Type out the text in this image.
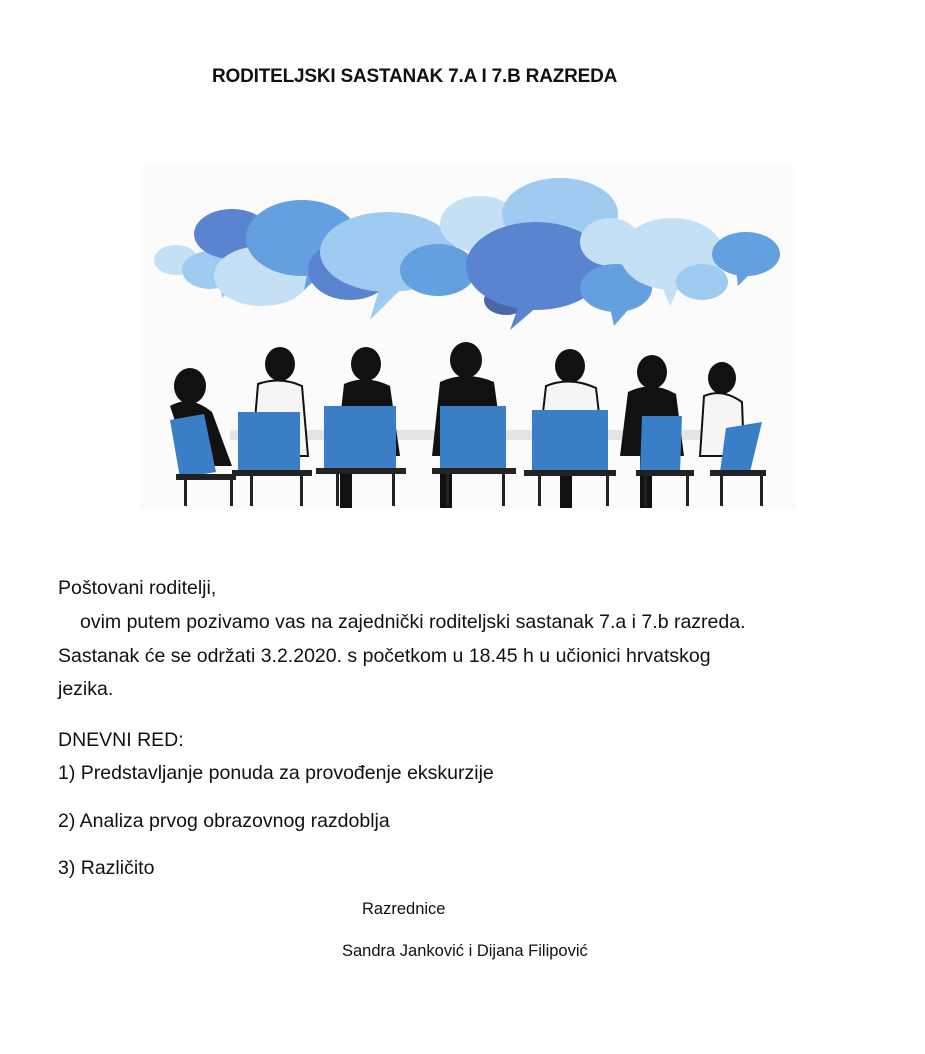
RODITELJSKI SASTANAK 7.A I 7.B RAZREDA
Poštovani roditelji,
ovim putem pozivamo vas na zajednički roditeljski sastanak 7.a i 7.b razreda.
Sastanak će se održati 3.2.2020. s početkom u 18.45 h u učionici hrvatskog
jezika.
DNEVNI RED:
1) Predstavljanje ponuda za provođenje ekskurzije
2) Analiza prvog obrazovnog razdoblja
3) Različito
Razrednice
Sandra Janković i Dijana Filipović
